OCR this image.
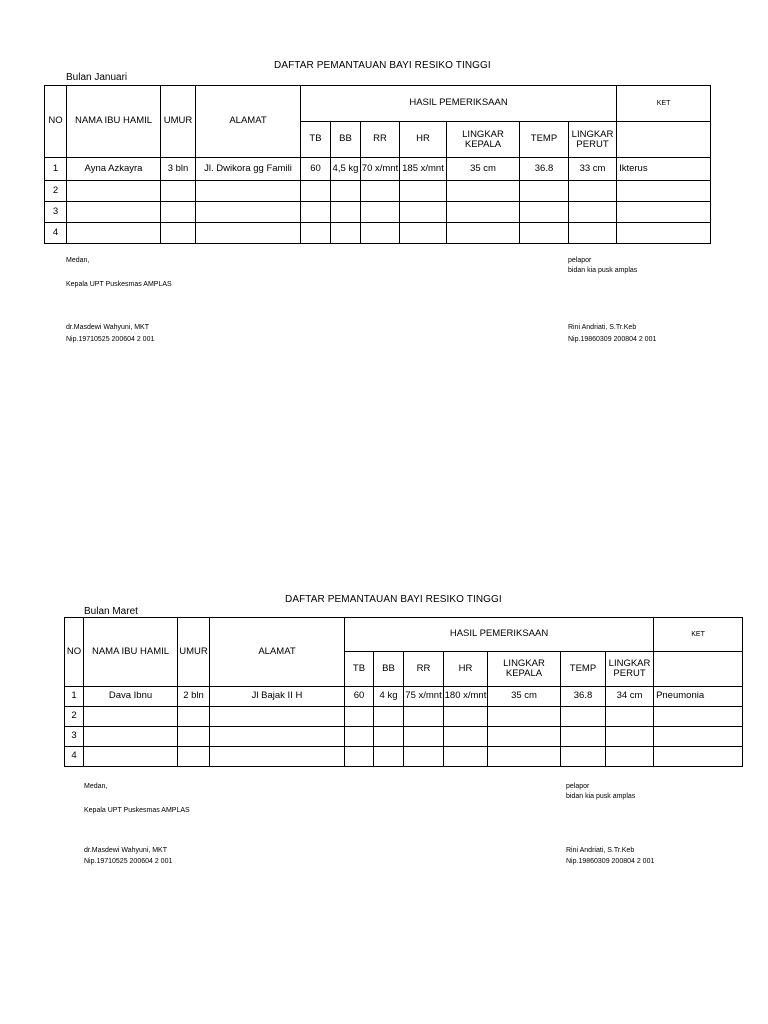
DAFTAR PEMANTAUAN BAYI RESIKO TINGGI
Bulan Januari
NO	NAMA IBU HAMIL	UMUR	ALAMAT	HASIL PEMERIKSAAN							KET
				TB	BB	RR	HR	LINGKAR
KEPALA	TEMP	LINGKAR
PERUT	

1	Ayna Azkayra	3 bln	Jl. Dwikora gg Famili	60	4,5 kg	70 x/mnt	185 x/mnt	35 cm	36.8	33 cm	Ikterus
2											
3											
4											
Medan,
Kepala UPT Puskesmas AMPLAS
dr.Masdewi Wahyuni, MKT
Nip.19710525 200604 2 001
pelapor
bidan kia pusk amplas
Rini Andriati, S.Tr.Keb
Nip.19860309 200804 2 001
DAFTAR PEMANTAUAN BAYI RESIKO TINGGI
Bulan Maret
NO	NAMA IBU HAMIL	UMUR	ALAMAT	HASIL PEMERIKSAAN							KET
				TB	BB	RR	HR	LINGKAR
KEPALA	TEMP	LINGKAR
PERUT	

1	Dava Ibnu	2 bln	Jl Bajak II H	60	4 kg	75 x/mnt	180 x/mnt	35 cm	36.8	34 cm	Pneumonia
2											
3											
4											
Medan,
Kepala UPT Puskesmas AMPLAS
dr.Masdewi Wahyuni, MKT
Nip.19710525 200604 2 001
pelapor
bidan kia pusk amplas
Rini Andriati, S.Tr.Keb
Nip.19860309 200804 2 001
